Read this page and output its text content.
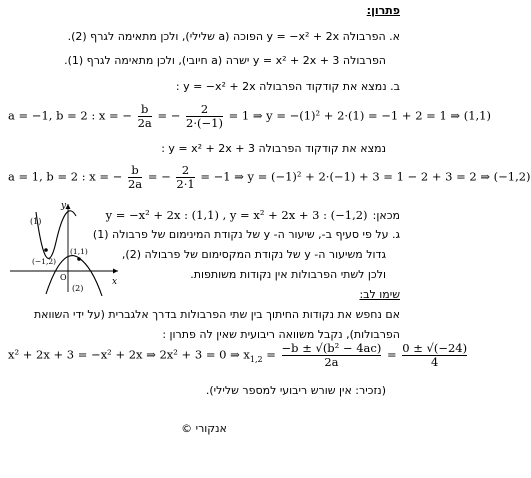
פתרון:
א. הפרבולה y = −x² + 2x הפוכה (a שלילי), ולכן מתאימה לגרף (2).
הפרבולה y = x² + 2x + 3 ישרה (a חיובי), ולכן מתאימה לגרף (1).
ב. נמצא את קודקוד הפרבולה y = −x² + 2x :
a = −1, b = 2 : x = − $\frac{b}{2a}$ = − $\frac{2}{2\cdot(-1)} = 1$ ⇒ y = −(1)² + 2·(1) = −1 + 2 = 1 ⇒ (1,1)
נמצא את קודקוד הפרבולה y = x² + 2x + 3 :
a = 1, b = 2 : x = − $\frac{b}{2a}$ = − $\frac{2}{2\cdot 1} = -1$ ⇒ y = (−1)² + 2·(−1) + 3 = 1 − 2 + 3 = 2 ⇒ (−1,2)
מכאן: y = −x² + 2x : (1,1) , y = x² + 2x + 3 : (−1,2)
y
x
O
(1)
(2)
(−1,2)
(1,1)
ג. על פי סעיף ב-, שיעור ה- y של נקודת המינימום של פרבולה (1)
גדול משיעור ה- y של נקודת המקסימום של פרבולה (2),
ולכן לשתי הפרבולות אין נקודות משותפות.
שימו לב:
אם נחפש את נקודות החיתוך בין שתי הפרבולות בדרך אלגברית (על ידי השוואת
הפרבולות), נקבל משוואה ריבועית שאין לה פתרון :
x² + 2x + 3 = −x² + 2x ⇒ 2x² + 3 = 0 ⇒ $x_{1,2} = \frac{\text{−b ± √(b² − 4ac)}}{2a} = \frac{0 \pm √(-24)}{4}$
(נזכיר: אין שורש ריבועי למספר שלילי).
אנקורי ©
